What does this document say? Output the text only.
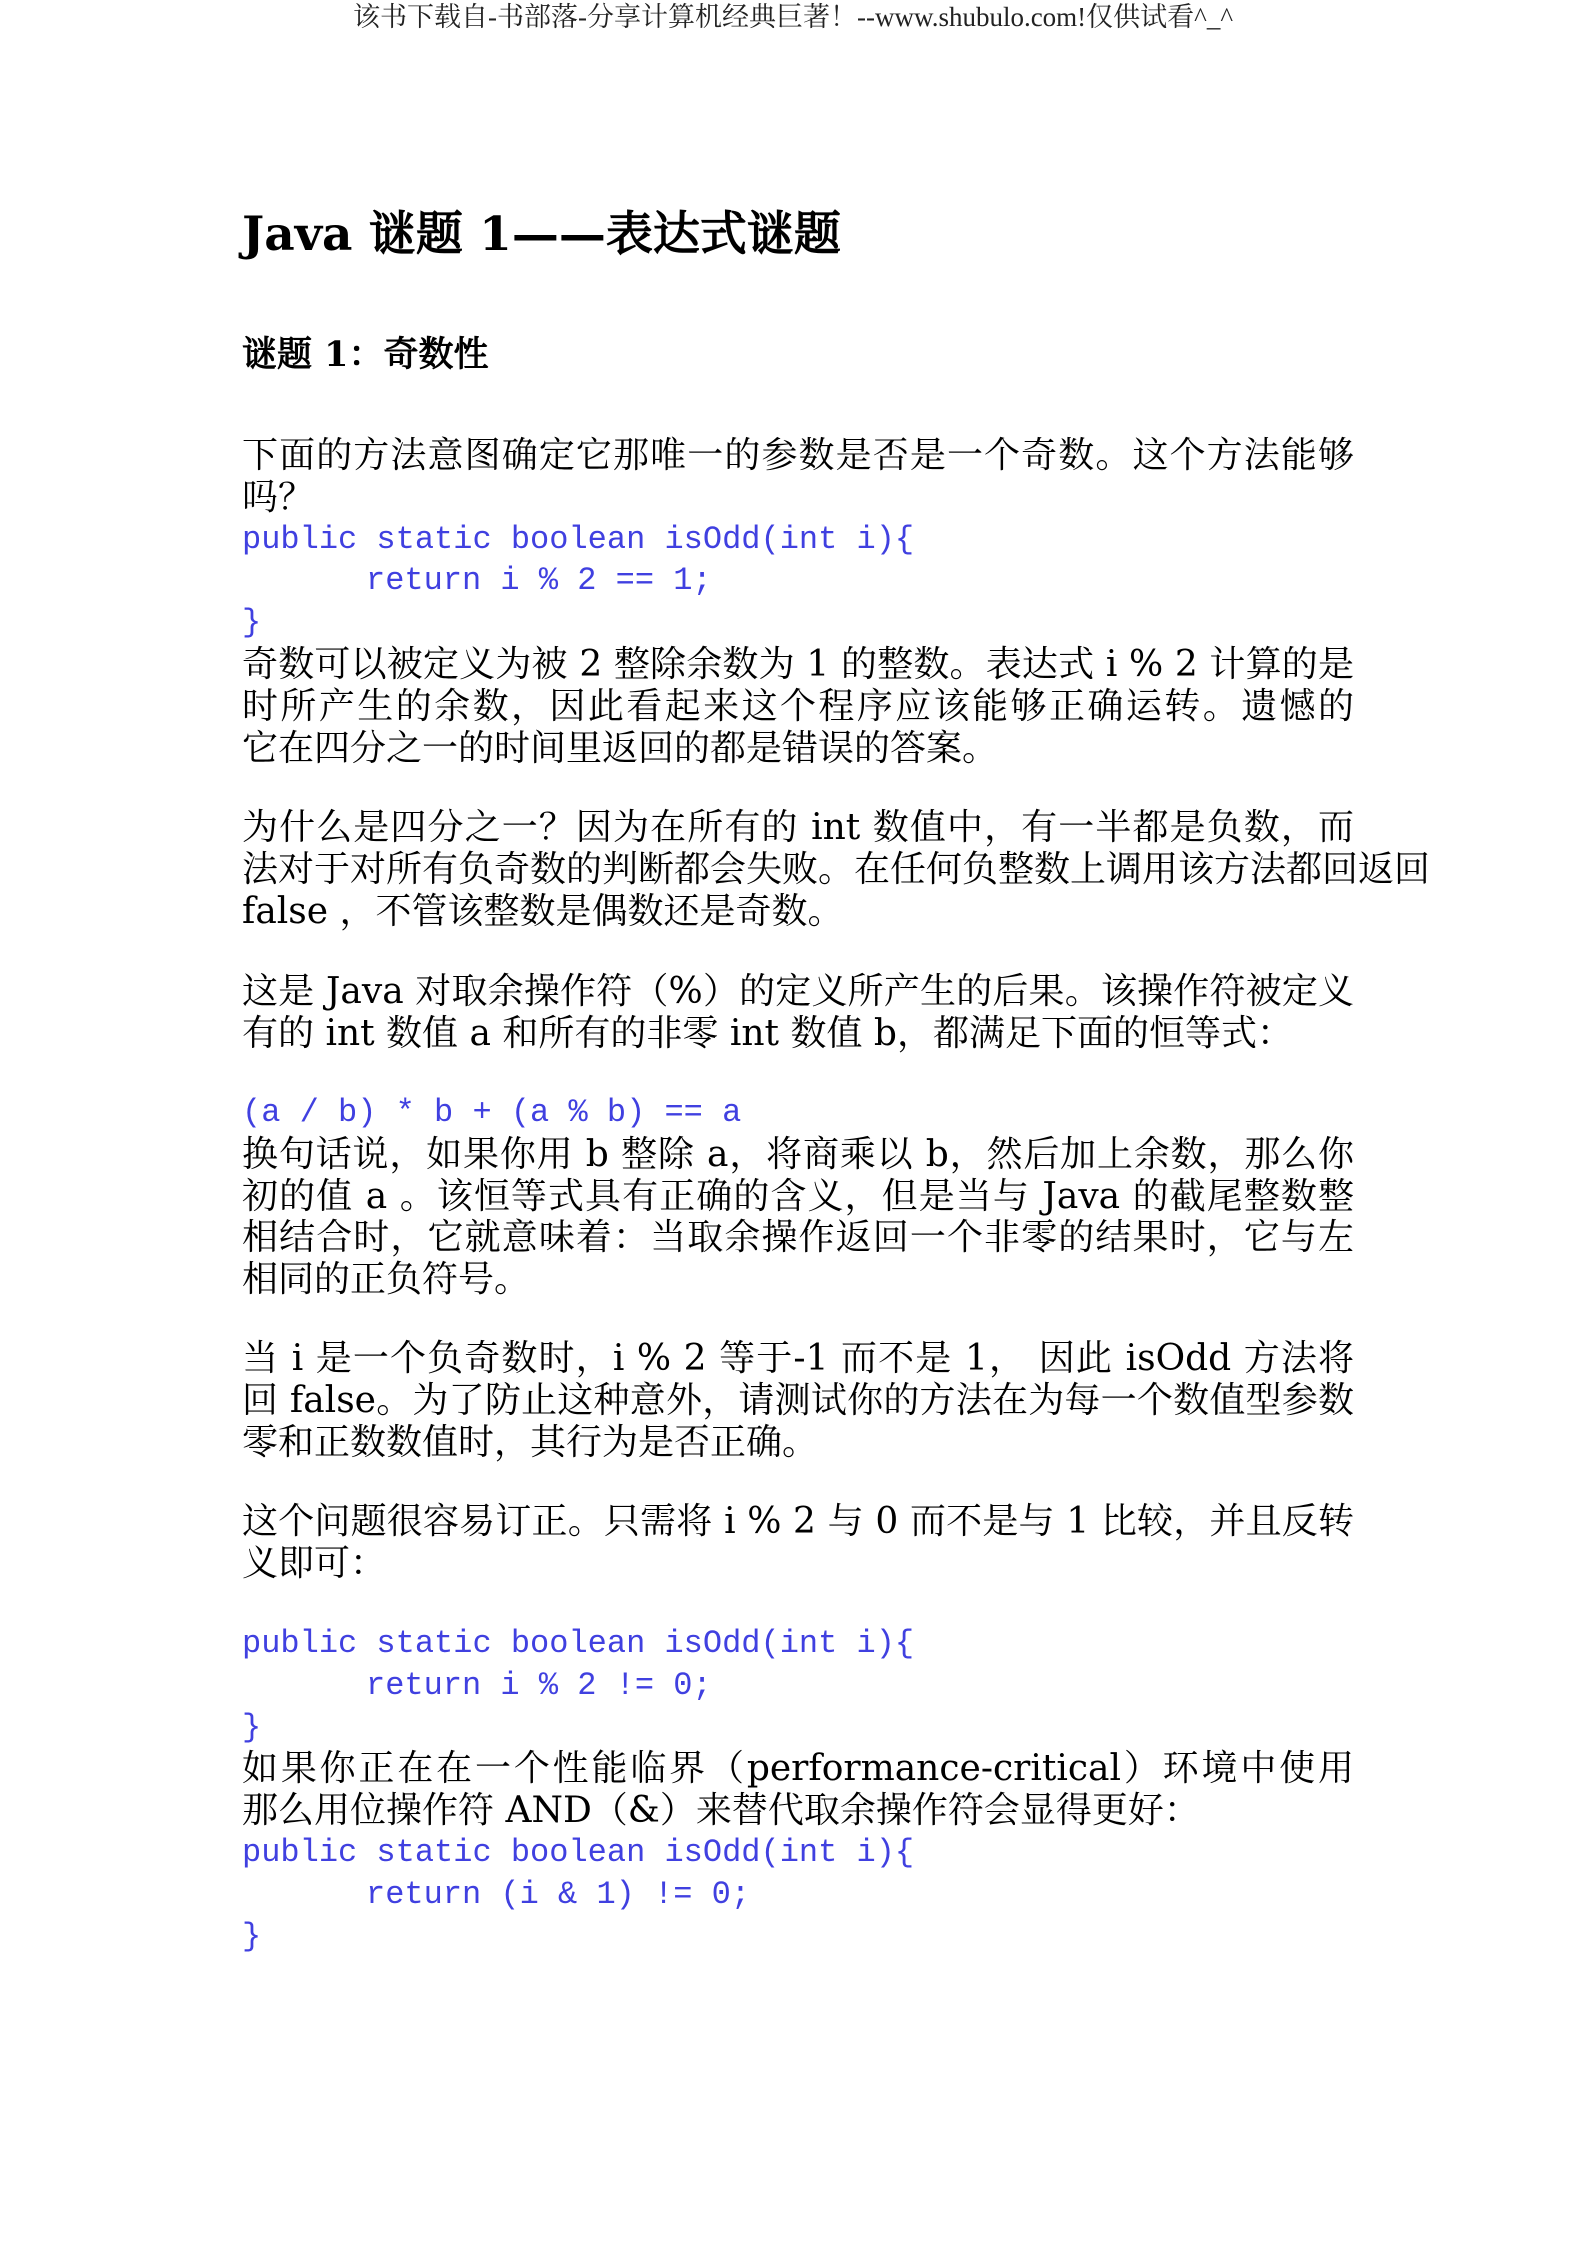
该书下载自-书部落-分享计算机经典巨著！--www.shubulo.com!仅供试看^_^
Java 谜题 1——表达式谜题
谜题 1：奇数性
下面的方法意图确定它那唯一的参数是否是一个奇数。这个方法能够
吗？
public static boolean isOdd(int i){
return i % 2 == 1;
}
奇数可以被定义为被 2 整除余数为 1 的整数。表达式 i % 2 计算的是
时所产生的余数，因此看起来这个程序应该能够正确运转。遗憾的
它在四分之一的时间里返回的都是错误的答案。
为什么是四分之一？因为在所有的 int 数值中，有一半都是负数，而
法对于对所有负奇数的判断都会失败。在任何负整数上调用该方法都回返回
false ，不管该整数是偶数还是奇数。
这是 Java 对取余操作符（%）的定义所产生的后果。该操作符被定义
有的 int 数值 a 和所有的非零 int 数值 b，都满足下面的恒等式：
(a / b) * b + (a % b) == a
换句话说，如果你用 b 整除 a，将商乘以 b，然后加上余数，那么你
初的值 a 。该恒等式具有正确的含义，但是当与 Java 的截尾整数整
相结合时，它就意味着：当取余操作返回一个非零的结果时，它与左
相同的正负符号。
当 i 是一个负奇数时，i % 2 等于-1 而不是 1， 因此 isOdd 方法将
回 false。为了防止这种意外，请测试你的方法在为每一个数值型参数
零和正数数值时，其行为是否正确。
这个问题很容易订正。只需将 i % 2 与 0 而不是与 1 比较，并且反转
义即可：
public static boolean isOdd(int i){
return i % 2 != 0;
}
如果你正在在一个性能临界（performance-critical）环境中使用
那么用位操作符 AND（&）来替代取余操作符会显得更好：
public static boolean isOdd(int i){
return (i & 1) != 0;
}
